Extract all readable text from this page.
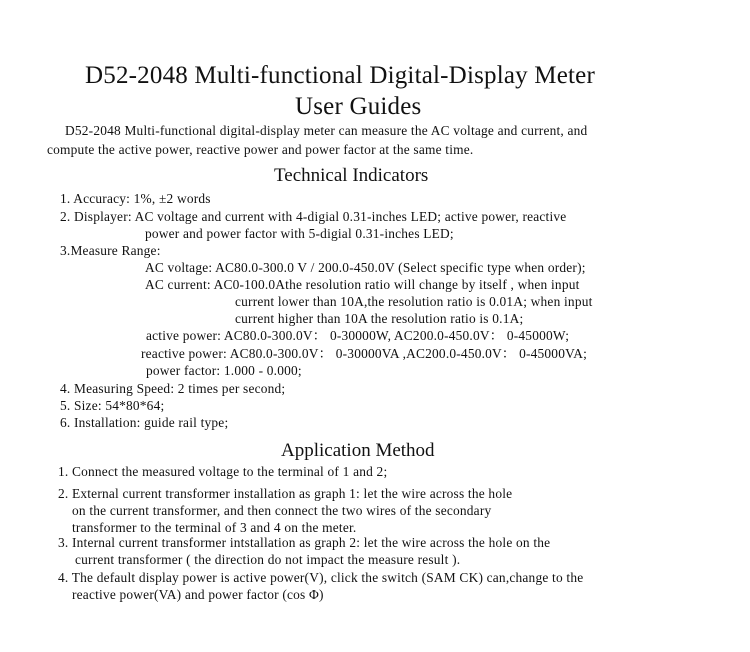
D52-2048 Multi-functional Digital-Display Meter
User Guides
D52-2048 Multi-functional digital-display meter can measure the AC voltage and current, and
compute the active power, reactive power and power factor at the same time.
Technical Indicators
1. Accuracy: 1%, ±2 words
2. Displayer: AC voltage and current with 4-digial 0.31-inches LED; active power, reactive
power and power factor with 5-digial 0.31-inches LED;
3.Measure Range:
AC voltage: AC80.0-300.0 V / 200.0-450.0V (Select specific type when order);
AC current: AC0-100.0Athe resolution ratio will change by itself , when input
current lower than 10A,the resolution ratio is 0.01A; when input
current higher than 10A the resolution ratio is 0.1A;
active power: AC80.0-300.0V： 0-30000W, AC200.0-450.0V： 0-45000W;
reactive power: AC80.0-300.0V： 0-30000VA ,AC200.0-450.0V： 0-45000VA;
power factor: 1.000 - 0.000;
4. Measuring Speed: 2 times per second;
5. Size: 54*80*64;
6. Installation: guide rail type;
Application Method
1. Connect the measured voltage to the terminal of 1 and 2;
2. External current transformer installation as graph 1: let the wire across the hole
on the current transformer, and then connect the two wires of the secondary
transformer to the terminal of 3 and 4 on the meter.
3. Internal current transformer intstallation as graph 2: let the wire across the hole on the
current transformer ( the direction do not impact the measure result ).
4. The default display power is active power(V), click the switch (SAM CK) can,change to the
reactive power(VA) and power factor (cos Φ)
